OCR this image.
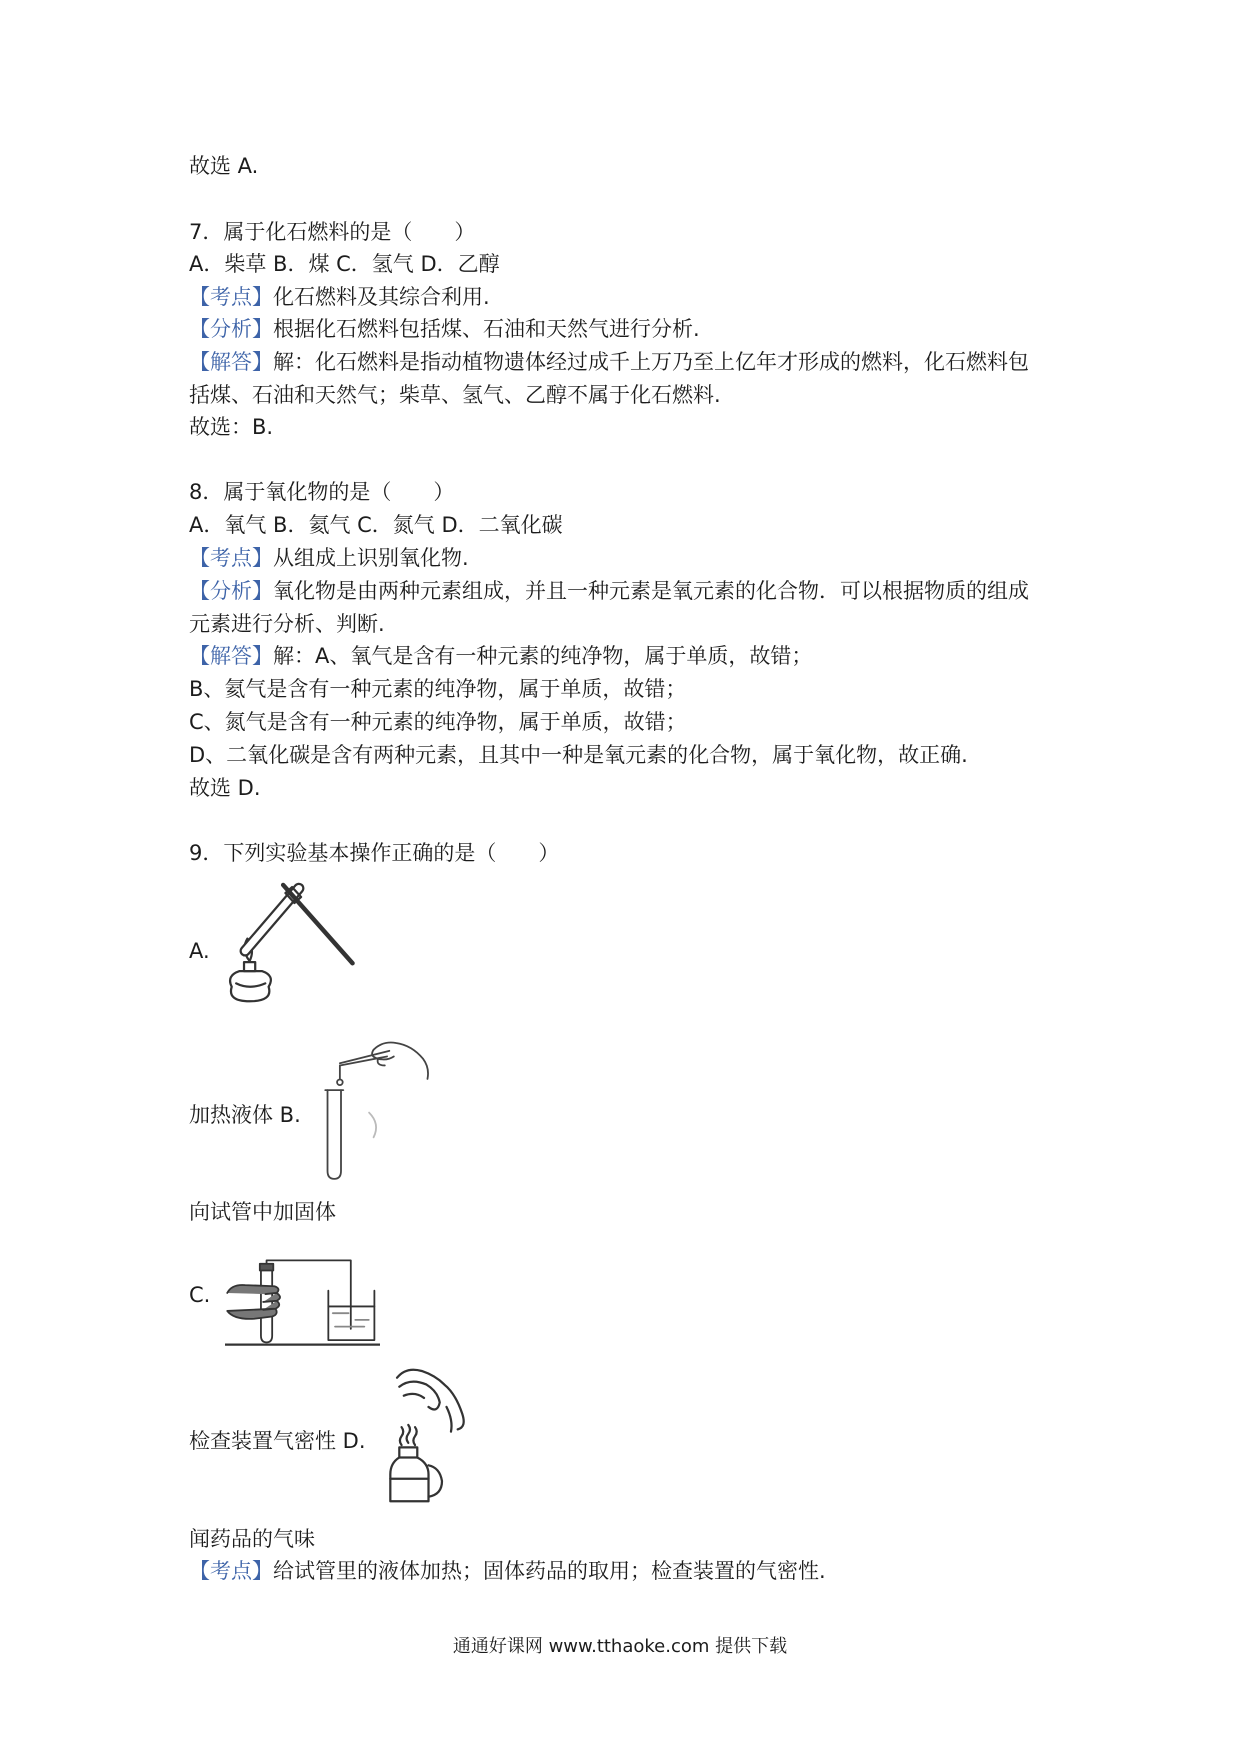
故选 A.
7．属于化石燃料的是（　　）
A．柴草 B．煤 C．氢气 D．乙醇
【考点】化石燃料及其综合利用.
【分析】根据化石燃料包括煤、石油和天然气进行分析.
【解答】解：化石燃料是指动植物遗体经过成千上万乃至上亿年才形成的燃料，化石燃料包
括煤、石油和天然气；柴草、氢气、乙醇不属于化石燃料.
故选：B.
8．属于氧化物的是（　　）
A．氧气 B．氦气 C．氮气 D．二氧化碳
【考点】从组成上识别氧化物.
【分析】氧化物是由两种元素组成，并且一种元素是氧元素的化合物．可以根据物质的组成
元素进行分析、判断.
【解答】解：A、氧气是含有一种元素的纯净物，属于单质，故错；
B、氦气是含有一种元素的纯净物，属于单质，故错；
C、氮气是含有一种元素的纯净物，属于单质，故错；
D、二氧化碳是含有两种元素，且其中一种是氧元素的化合物，属于氧化物，故正确.
故选 D.
9．下列实验基本操作正确的是（　　）
A.
加热液体 B.
向试管中加固体
C.
检查装置气密性 D.
闻药品的气味
【考点】给试管里的液体加热；固体药品的取用；检查装置的气密性.
通通好课网 www.tthaoke.com 提供下载
